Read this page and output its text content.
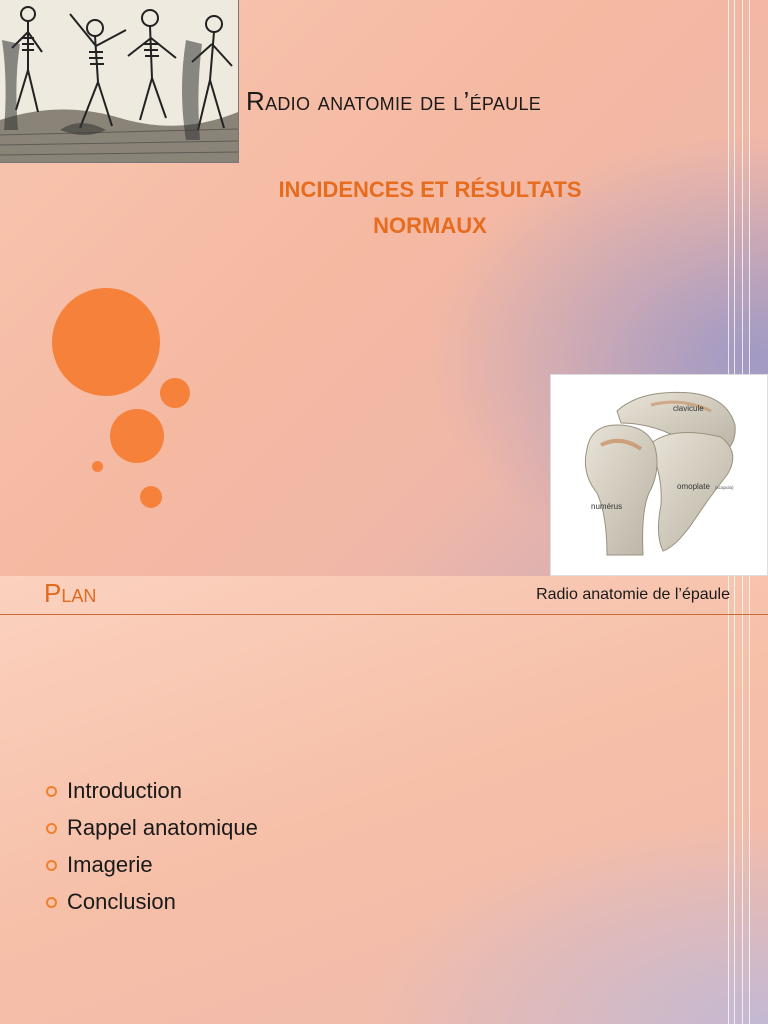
Radio anatomie de l’épaule
INCIDENCES ET RÉSULTATS
NORMAUX
clavicule
omoplate (scapula)
numérus
Plan	Radio anatomie de l’épaule
Introduction
Rappel anatomique
Imagerie
Conclusion
